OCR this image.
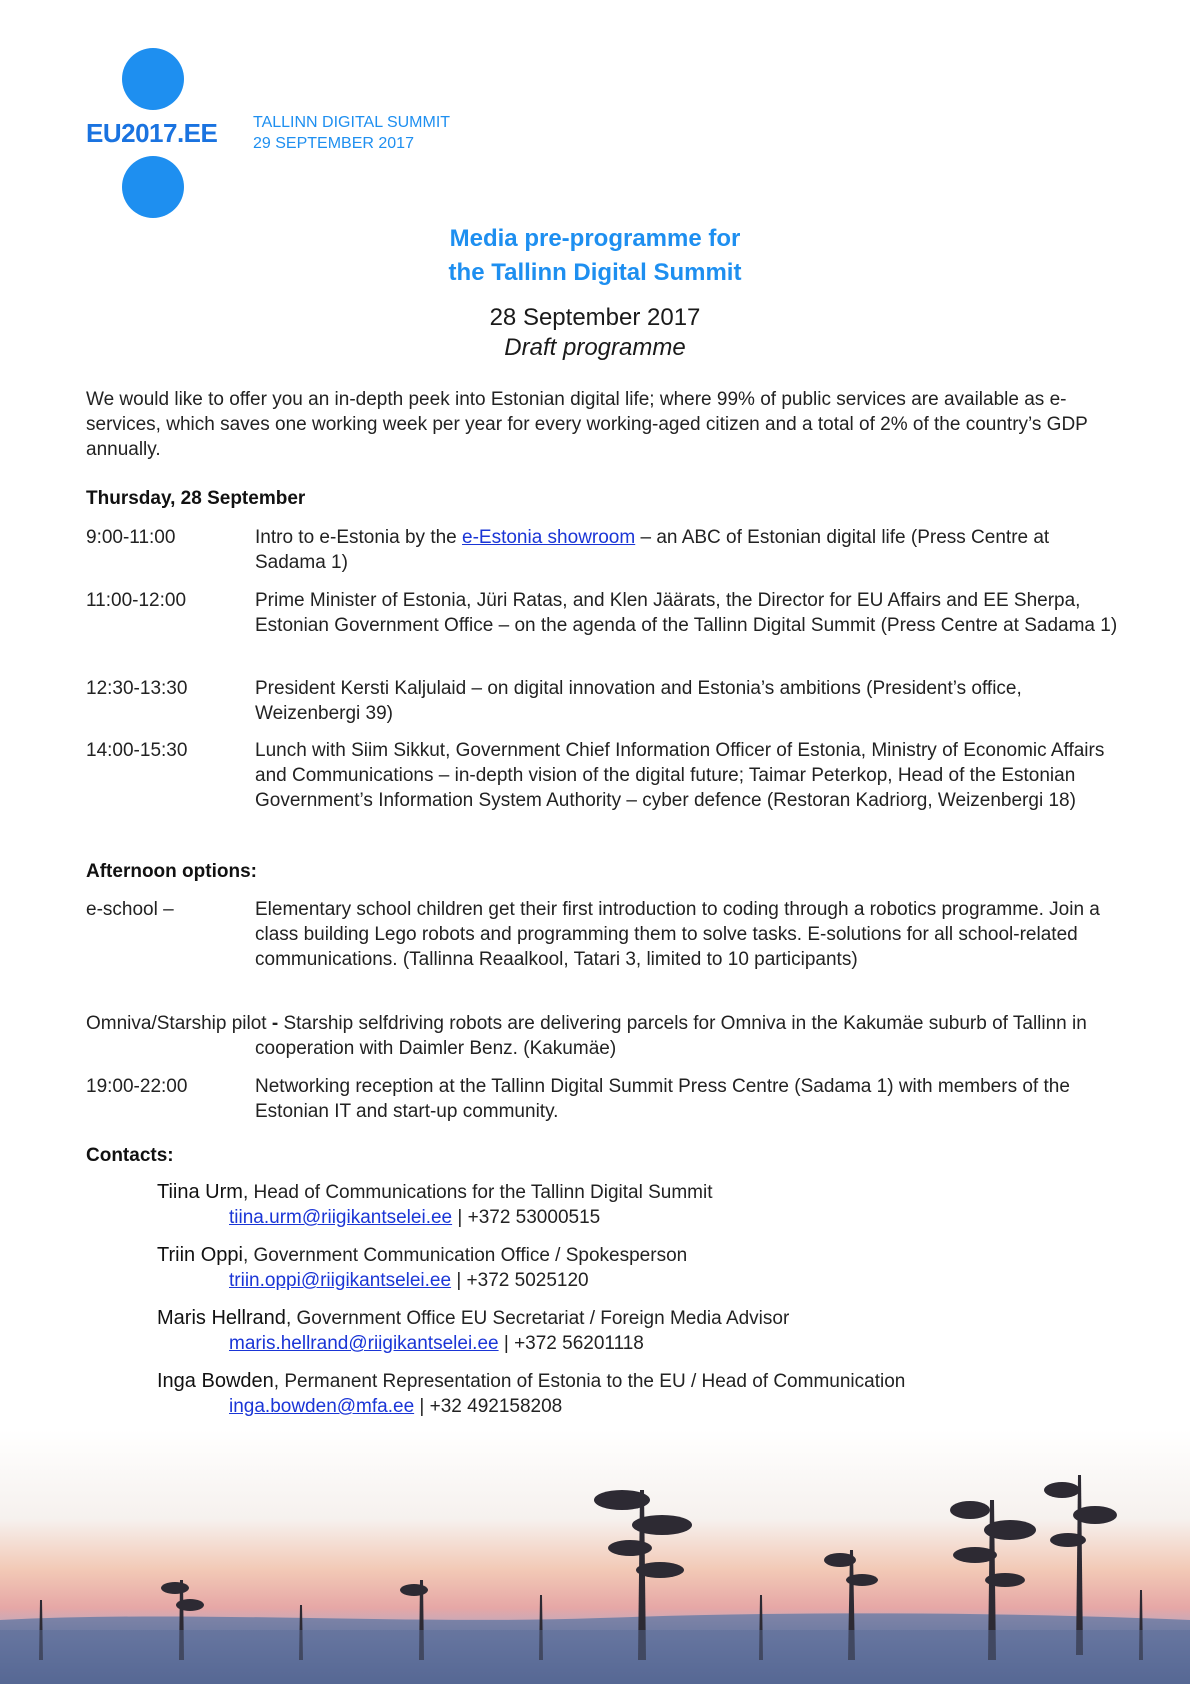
EU2017.EE TALLINN DIGITAL SUMMIT
29 SEPTEMBER 2017
Media pre-programme for
the Tallinn Digital Summit
28 September 2017
Draft programme
We would like to offer you an in-depth peek into Estonian digital life; where 99% of public services are available as e-services, which saves one working week per year for every working-aged citizen and a total of 2% of the country’s GDP annually.
Thursday, 28 September
9:00-11:00	Intro to e-Estonia by the e-Estonia showroom – an ABC of Estonian digital life (Press Centre at Sadama 1)
11:00-12:00	Prime Minister of Estonia, Jüri Ratas, and Klen Jäärats, the Director for EU Affairs and EE Sherpa, Estonian Government Office – on the agenda of the Tallinn Digital Summit (Press Centre at Sadama 1)
12:30-13:30	President Kersti Kaljulaid – on digital innovation and Estonia’s ambitions (President’s office, Weizenbergi 39)
14:00-15:30	Lunch with Siim Sikkut, Government Chief Information Officer of Estonia, Ministry of Economic Affairs and Communications – in-depth vision of the digital future; Taimar Peterkop, Head of the Estonian Government’s Information System Authority – cyber defence (Restoran Kadriorg, Weizenbergi 18)
Afternoon options:
e-school –	Elementary school children get their first introduction to coding through a robotics programme. Join a class building Lego robots and programming them to solve tasks. E-solutions for all school-related communications. (Tallinna Reaalkool, Tatari 3, limited to 10 participants)
Omniva/Starship pilot - Starship selfdriving robots are delivering parcels for Omniva in the Kakumäe suburb of Tallinn in cooperation with Daimler Benz. (Kakumäe)
19:00-22:00	Networking reception at the Tallinn Digital Summit Press Centre (Sadama 1) with members of the Estonian IT and start-up community.
Contacts:
Tiina Urm, Head of Communications for the Tallinn Digital Summit
tiina.urm@riigikantselei.ee | +372 53000515
Triin Oppi, Government Communication Office / Spokesperson
triin.oppi@riigikantselei.ee | +372 5025120
Maris Hellrand, Government Office EU Secretariat / Foreign Media Advisor
maris.hellrand@riigikantselei.ee | +372 56201118
Inga Bowden, Permanent Representation of Estonia to the EU / Head of Communication
inga.bowden@mfa.ee | +32 492158208
